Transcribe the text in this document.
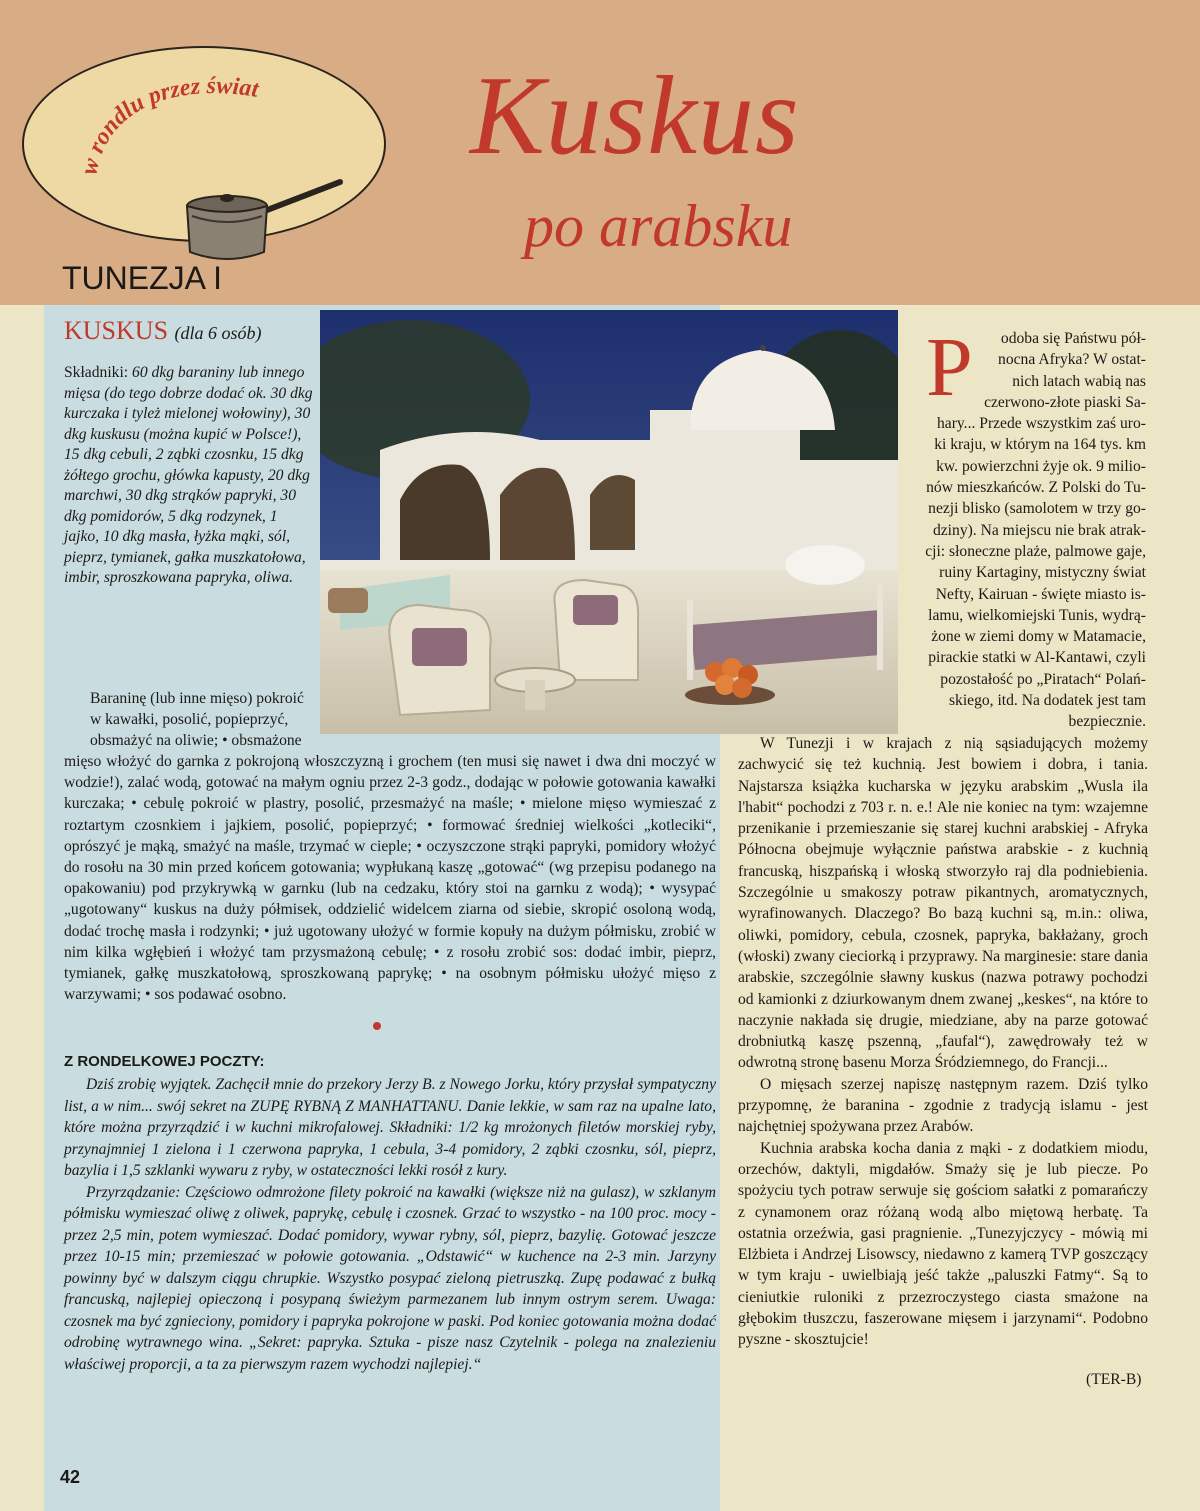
w rondlu przez świat Kuskus
po arabsku
TUNEZJA I
KUSKUS (dla 6 osób)
Składniki: 60 dkg baraniny lub innego mięsa (do tego dobrze dodać ok. 30 dkg kurczaka i tyleż mielonej wołowiny), 30 dkg kuskusu (można kupić w Polsce!), 15 dkg cebuli, 2 ząbki czosnku, 15 dkg żółtego grochu, główka kapusty, 20 dkg marchwi, 30 dkg strąków papryki, 30 dkg pomidorów, 5 dkg rodzynek, 1 jajko, 10 dkg masła, łyżka mąki, sól, pieprz, tymianek, gałka muszkatołowa, imbir, sproszkowana papryka, oliwa.
Baraninę (lub inne mięso) pokroić w kawałki, posolić, popieprzyć, obsmażyć na oliwie; • obsmażone
mięso włożyć do garnka z pokrojoną włoszczyzną i grochem (ten musi się nawet i dwa dni moczyć w wodzie!), zalać wodą, gotować na małym ogniu przez 2-3 godz., dodając w połowie gotowania kawałki kurczaka; • cebulę pokroić w plastry, posolić, przesmażyć na maśle; • mielone mięso wymieszać z roztartym czosnkiem i jajkiem, posolić, popieprzyć; • formować średniej wielkości „kotleciki“, oprószyć je mąką, smażyć na maśle, trzymać w cieple; • oczyszczone strąki papryki, pomidory włożyć do rosołu na 30 min przed końcem gotowania; wypłukaną kaszę „gotować“ (wg przepisu podanego na opakowaniu) pod przykrywką w garnku (lub na cedzaku, który stoi na garnku z wodą); • wysypać „ugotowany“ kuskus na duży półmisek, oddzielić widelcem ziarna od siebie, skropić osoloną wodą, dodać trochę masła i rodzynki; • już ugotowany ułożyć w formie kopuły na dużym półmisku, zrobić w nim kilka wgłębień i włożyć tam przysmażoną cebulę; • z rosołu zrobić sos: dodać imbir, pieprz, tymianek, gałkę muszkatołową, sproszkowaną paprykę; • na osobnym półmisku ułożyć mięso z warzywami; • sos podawać osobno.
Z RONDELKOWEJ POCZTY:

Dziś zrobię wyjątek. Zachęcił mnie do przekory Jerzy B. z Nowego Jorku, który przysłał sympatyczny list, a w nim... swój sekret na ZUPĘ RYBNĄ Z MANHATTANU. Danie lekkie, w sam raz na upalne lato, które można przyrządzić i w kuchni mikrofalowej. Składniki: 1/2 kg mrożonych filetów morskiej ryby, przynajmniej 1 zielona i 1 czerwona papryka, 1 cebula, 3-4 pomidory, 2 ząbki czosnku, sól, pieprz, bazylia i 1,5 szklanki wywaru z ryby, w ostateczności lekki rosół z kury.

Przyrządzanie: Częściowo odmrożone filety pokroić na kawałki (większe niż na gulasz), w szklanym półmisku wymieszać oliwę z oliwek, paprykę, cebulę i czosnek. Grzać to wszystko - na 100 proc. mocy - przez 2,5 min, potem wymieszać. Dodać pomidory, wywar rybny, sól, pieprz, bazylię. Gotować jeszcze przez 10-15 min; przemieszać w połowie gotowania. „Odstawić“ w kuchence na 2-3 min. Jarzyny powinny być w dalszym ciągu chrupkie. Wszystko posypać zieloną pietruszką. Zupę podawać z bułką francuską, najlepiej opieczoną i posypaną świeżym parmezanem lub innym ostrym serem. Uwaga: czosnek ma być zgnieciony, pomidory i papryka pokrojone w paski. Pod koniec gotowania można dodać odrobinę wytrawnego wina. „Sekret: papryka. Sztuka - pisze nasz Czytelnik - polega na znalezieniu właściwej proporcji, a ta za pierwszym razem wychodzi najlepiej.“

P	odoba się Państwu pół-
nocna Afryka? W ostat-
nich latach wabią nas
czerwono-złote piaski Sa-
hary... Przede wszystkim zaś uro-
ki kraju, w którym na 164 tys. km
kw. powierzchni żyje ok. 9 milio-
nów mieszkańców. Z Polski do Tu-
nezji blisko (samolotem w trzy go-
dziny). Na miejscu nie brak atrak-
cji: słoneczne plaże, palmowe gaje,
ruiny Kartaginy, mistyczny świat
Nefty, Kairuan - święte miasto is-
lamu, wielkomiejski Tunis, wydrą-
żone w ziemi domy w Matamacie,
pirackie statki w Al-Kantawi, czyli
pozostałość po „Piratach“ Polań-
skiego, itd. Na dodatek jest tam
bezpiecznie.

W Tunezji i w krajach z nią sąsiadujących możemy zachwycić się też kuchnią. Jest bowiem i dobra, i tania. Najstarsza książka kucharska w języku arabskim „Wusla ila l'habit“ pochodzi z 703 r. n. e.! Ale nie koniec na tym: wzajemne przenikanie i przemieszanie się starej kuchni arabskiej - Afryka Północna obejmuje wyłącznie państwa arabskie - z kuchnią francuską, hiszpańską i włoską stworzyło raj dla podniebienia. Szczególnie u smakoszy potraw pikantnych, aromatycznych, wyrafinowanych. Dlaczego? Bo bazą kuchni są, m.in.: oliwa, oliwki, pomidory, cebula, czosnek, papryka, bakłażany, groch (włoski) zwany cieciorką i przyprawy. Na marginesie: stare dania arabskie, szczególnie sławny kuskus (nazwa potrawy pochodzi od kamionki z dziurkowanym dnem zwanej „keskes“, na które to naczynie nakłada się drugie, miedziane, aby na parze gotować drobniutką kaszę pszenną, „faufal“), zawędrowały też w odwrotną stronę basenu Morza Śródziemnego, do Francji...

O mięsach szerzej napiszę następnym razem. Dziś tylko przypomnę, że baranina - zgodnie z tradycją islamu - jest najchętniej spożywana przez Arabów.

Kuchnia arabska kocha dania z mąki - z dodatkiem miodu, orzechów, daktyli, migdałów. Smaży się je lub piecze. Po spożyciu tych potraw serwuje się gościom sałatki z pomarańczy z cynamonem oraz różaną wodą albo miętową herbatę. Ta ostatnia orzeźwia, gasi pragnienie. „Tunezyjczycy - mówią mi Elżbieta i Andrzej Lisowscy, niedawno z kamerą TVP goszczący w tym kraju - uwielbiają jeść także „paluszki Fatmy“. Są to cieniutkie ruloniki z przezroczystego ciasta smażone na głębokim tłuszczu, faszerowane mięsem i jarzynami“. Podobno pyszne - skosztujcie!

(TER-B)
42
